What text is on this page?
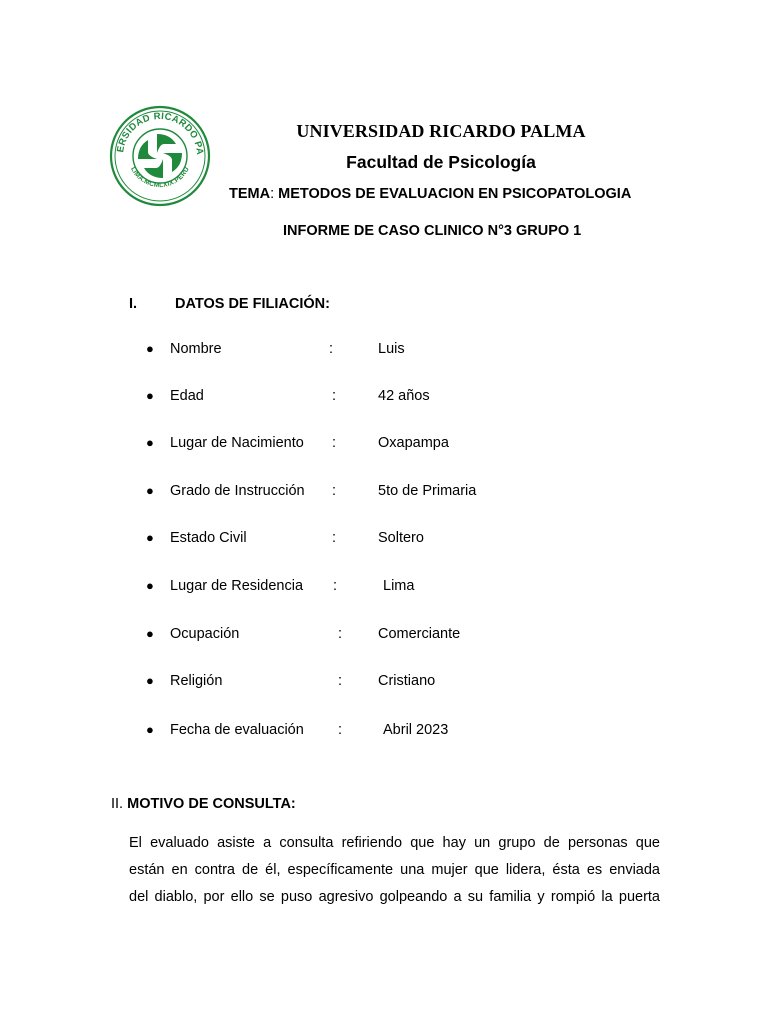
ERSIDAD RICARDO PA
LIMA.MCMLXIX.PERU
UNIVERSIDAD RICARDO PALMA
Facultad de Psicología
TEMA: METODOS DE EVALUACION EN PSICOPATOLOGIA
INFORME DE CASO CLINICO N°3 GRUPO 1
I.	DATOS DE FILIACIÓN:
● Nombre	:	Luis
● Edad	:	42 años
● Lugar de Nacimiento :	Oxapampa
● Grado de Instrucción :	5to de Primaria
● Estado Civil	:	Soltero
● Lugar de Residencia :	Lima
● Ocupación	: Comerciante
● Religión	: Cristiano
● Fecha de evaluación :	Abril 2023
II. MOTIVO DE CONSULTA:
El evaluado asiste a consulta refiriendo que hay un grupo de personas que
están en contra de él, específicamente una mujer que lidera, ésta es enviada
del diablo, por ello se puso agresivo golpeando a su familia y rompió la puerta
